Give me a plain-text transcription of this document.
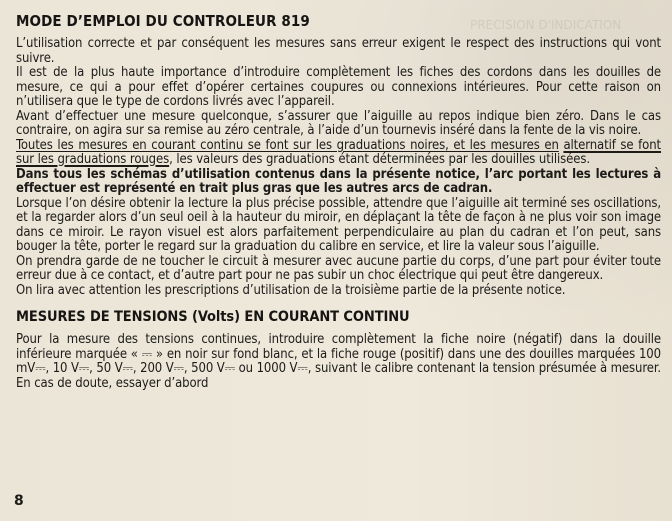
PRECISION D'INDICATION
MODE D’EMPLOI DU CONTROLEUR 819

L’utilisation correcte et par conséquent les mesures sans erreur exigent le respect des instructions qui vont suivre.

Il est de la plus haute importance d’introduire complètement les fiches des cordons dans les douilles de mesure, ce qui a pour effet d’opérer certaines coupures ou connexions intérieures. Pour cette raison on n’utilisera que le type de cordons livrés avec l’appareil.

Avant d’effectuer une mesure quelconque, s’assurer que l’aiguille au repos indique bien zéro. Dans le cas contraire, on agira sur sa remise au zéro centrale, à l’aide d’un tournevis inséré dans la fente de la vis noire.

Toutes les mesures en courant continu se font sur les graduations noires, et les mesures en alternatif se font sur les graduations rouges, les valeurs des graduations étant déterminées par les douilles utilisées.

Dans tous les schémas d’utilisation contenus dans la présente notice, l’arc portant les lectures à effectuer est représenté en trait plus gras que les autres arcs de cadran.

Lorsque l’on désire obtenir la lecture la plus précise possible, attendre que l’aiguille ait terminé ses oscillations, et la regarder alors d’un seul oeil à la hauteur du miroir, en déplaçant la tête de façon à ne plus voir son image dans ce miroir. Le rayon visuel est alors parfaitement perpendiculaire au plan du cadran et l’on peut, sans bouger la tête, porter le regard sur la graduation du calibre en service, et lire la valeur sous l’aiguille.

On prendra garde de ne toucher le circuit à mesurer avec aucune partie du corps, d’une part pour éviter toute erreur due à ce contact, et d’autre part pour ne pas subir un choc électrique qui peut être dangereux.

On lira avec attention les prescriptions d’utilisation de la troisième partie de la présente notice.

MESURES DE TENSIONS (Volts) EN COURANT CONTINU

Pour la mesure des tensions continues, introduire complètement la fiche noire (négatif) dans la douille inférieure marquée « ⎓ » en noir sur fond blanc, et la fiche rouge (positif) dans une des douilles marquées 100 mV⎓, 10 V⎓, 50 V⎓, 200 V⎓, 500 V⎓ ou 1000 V⎓, suivant le calibre contenant la tension présumée à mesurer. En cas de doute, essayer d’abord

8
